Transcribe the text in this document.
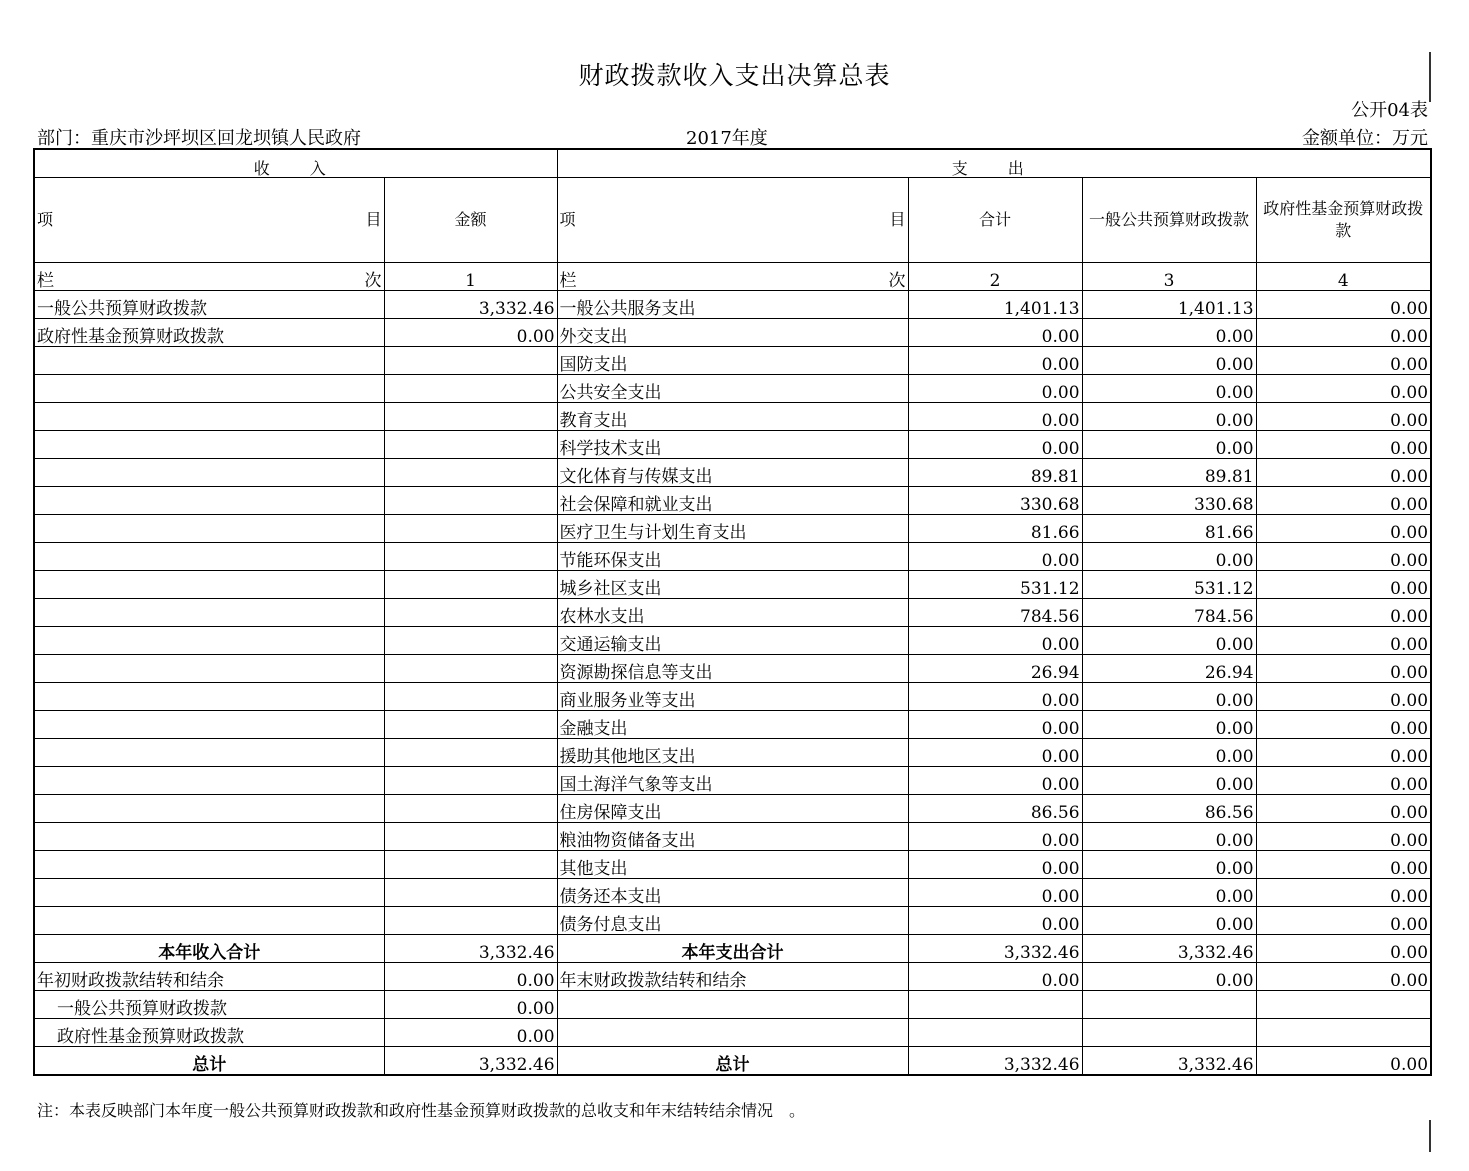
财政拨款收入支出决算总表
公开04表
部门：重庆市沙坪坝区回龙坝镇人民政府	2017年度	金额单位：万元
收　入		支　出			

项 目	金额	项 目	合计	一般公共预算财政拨款	政府性基金预算财政拨款

栏 次	1	栏 次	2	3	4
一般公共预算财政拨款	3,332.46	一般公共服务支出	1,401.13	1,401.13	0.00
政府性基金预算财政拨款	0.00	外交支出	0.00	0.00	0.00
		国防支出	0.00	0.00	0.00
		公共安全支出	0.00	0.00	0.00
		教育支出	0.00	0.00	0.00
		科学技术支出	0.00	0.00	0.00
		文化体育与传媒支出	89.81	89.81	0.00
		社会保障和就业支出	330.68	330.68	0.00
		医疗卫生与计划生育支出	81.66	81.66	0.00
		节能环保支出	0.00	0.00	0.00
		城乡社区支出	531.12	531.12	0.00
		农林水支出	784.56	784.56	0.00
		交通运输支出	0.00	0.00	0.00
		资源勘探信息等支出	26.94	26.94	0.00
		商业服务业等支出	0.00	0.00	0.00
		金融支出	0.00	0.00	0.00
		援助其他地区支出	0.00	0.00	0.00
		国土海洋气象等支出	0.00	0.00	0.00
		住房保障支出	86.56	86.56	0.00
		粮油物资储备支出	0.00	0.00	0.00
		其他支出	0.00	0.00	0.00
		债务还本支出	0.00	0.00	0.00
		债务付息支出	0.00	0.00	0.00
本年收入合计	3,332.46	本年支出合计	3,332.46	3,332.46	0.00
年初财政拨款结转和结余	0.00	年末财政拨款结转和结余	0.00	0.00	0.00
一般公共预算财政拨款	0.00				
政府性基金预算财政拨款	0.00				
总计	3,332.46	总计	3,332.46	3,332.46	0.00
注：本表反映部门本年度一般公共预算财政拨款和政府性基金预算财政拨款的总收支和年末结转结余情况　。
